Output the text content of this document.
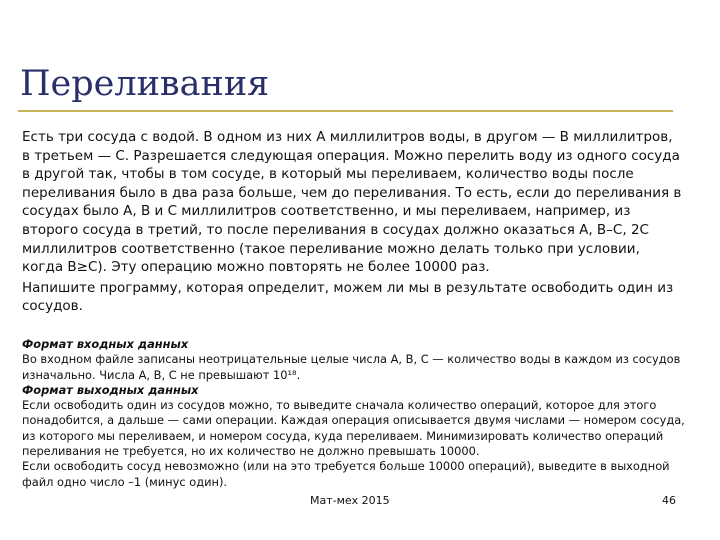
Переливания

Есть три сосуда с водой. В одном из них A миллилитров воды, в другом — B миллилитров, в третьем — C. Разрешается следующая операция. Можно перелить воду из одного сосуда в другой так, чтобы в том сосуде, в который мы переливаем, количество воды после переливания было в два раза больше, чем до переливания. То есть, если до переливания в сосудах было A, B и C миллилитров соответственно, и мы переливаем, например, из второго сосуда в третий, то после переливания в сосудах должно оказаться A, B–C, 2C миллилитров соответственно (такое переливание можно делать только при условии, когда B≥C). Эту операцию можно повторять не более 10000 раз.

Напишите программу, которая определит, можем ли мы в результате освободить один из сосудов.

Формат входных данных

Во входном файле записаны неотрицательные целые числа A, B, C — количество воды в каждом из сосудов изначально. Числа A, B, C не превышают 10¹⁸.

Формат выходных данных

Если освободить один из сосудов можно, то выведите сначала количество операций, которое для этого понадобится, а дальше — сами операции. Каждая операция описывается двумя числами — номером сосуда, из которого мы переливаем, и номером сосуда, куда переливаем. Минимизировать количество операций переливания не требуется, но их количество не должно превышать 10000.

Если освободить сосуд невозможно (или на это требуется больше 10000 операций), выведите в выходной файл одно число –1 (минус один).

Мат-мех 2015	46
